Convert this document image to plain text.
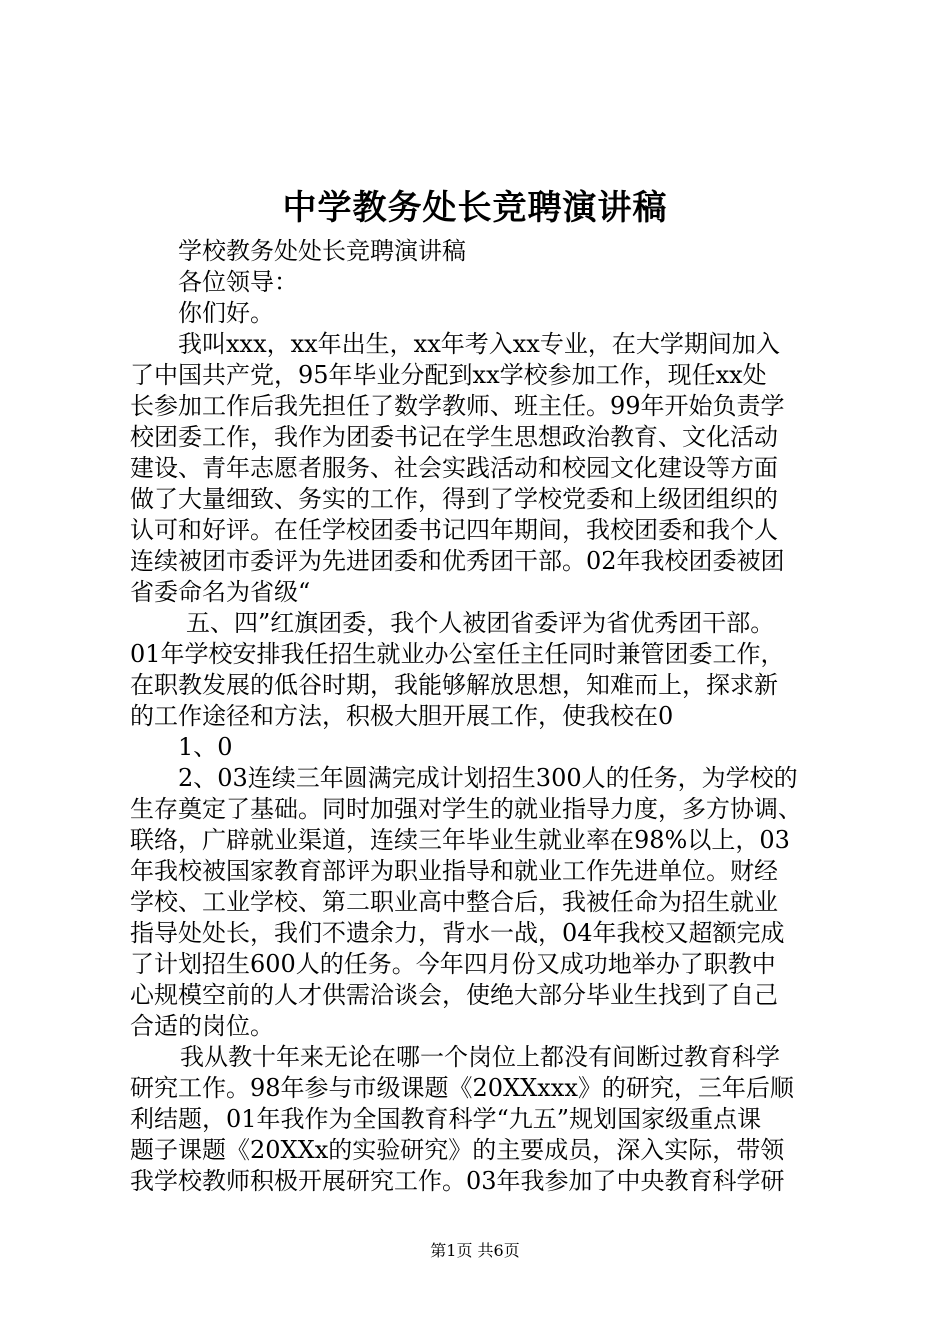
中学教务处长竞聘演讲稿
学校教务处处长竞聘演讲稿
各位领导：
你们好。
我叫xxx，xx年出生，xx年考入xx专业，在大学期间加入
了中国共产党，95年毕业分配到xx学校参加工作，现任xx处
长参加工作后我先担任了数学教师、班主任。99年开始负责学
校团委工作，我作为团委书记在学生思想政治教育、文化活动
建设、青年志愿者服务、社会实践活动和校园文化建设等方面
做了大量细致、务实的工作，得到了学校党委和上级团组织的
认可和好评。在任学校团委书记四年期间，我校团委和我个人
连续被团市委评为先进团委和优秀团干部。02年我校团委被团
省委命名为省级“
五、四”红旗团委，我个人被团省委评为省优秀团干部。
01年学校安排我任招生就业办公室任主任同时兼管团委工作，
在职教发展的低谷时期，我能够解放思想，知难而上，探求新
的工作途径和方法，积极大胆开展工作，使我校在0
1、0
2、03连续三年圆满完成计划招生300人的任务，为学校的
生存奠定了基础。同时加强对学生的就业指导力度，多方协调、
联络，广辟就业渠道，连续三年毕业生就业率在98%以上，03
年我校被国家教育部评为职业指导和就业工作先进单位。财经
学校、工业学校、第二职业高中整合后，我被任命为招生就业
指导处处长，我们不遗余力，背水一战，04年我校又超额完成
了计划招生600人的任务。今年四月份又成功地举办了职教中
心规模空前的人才供需洽谈会，使绝大部分毕业生找到了自己
合适的岗位。
我从教十年来无论在哪一个岗位上都没有间断过教育科学
研究工作。98年参与市级课题《20XXxxx》的研究，三年后顺
利结题，01年我作为全国教育科学“九五”规划国家级重点课
题子课题《20XXx的实验研究》的主要成员，深入实际，带领
我学校教师积极开展研究工作。03年我参加了中央教育科学研
第1页 共6页
